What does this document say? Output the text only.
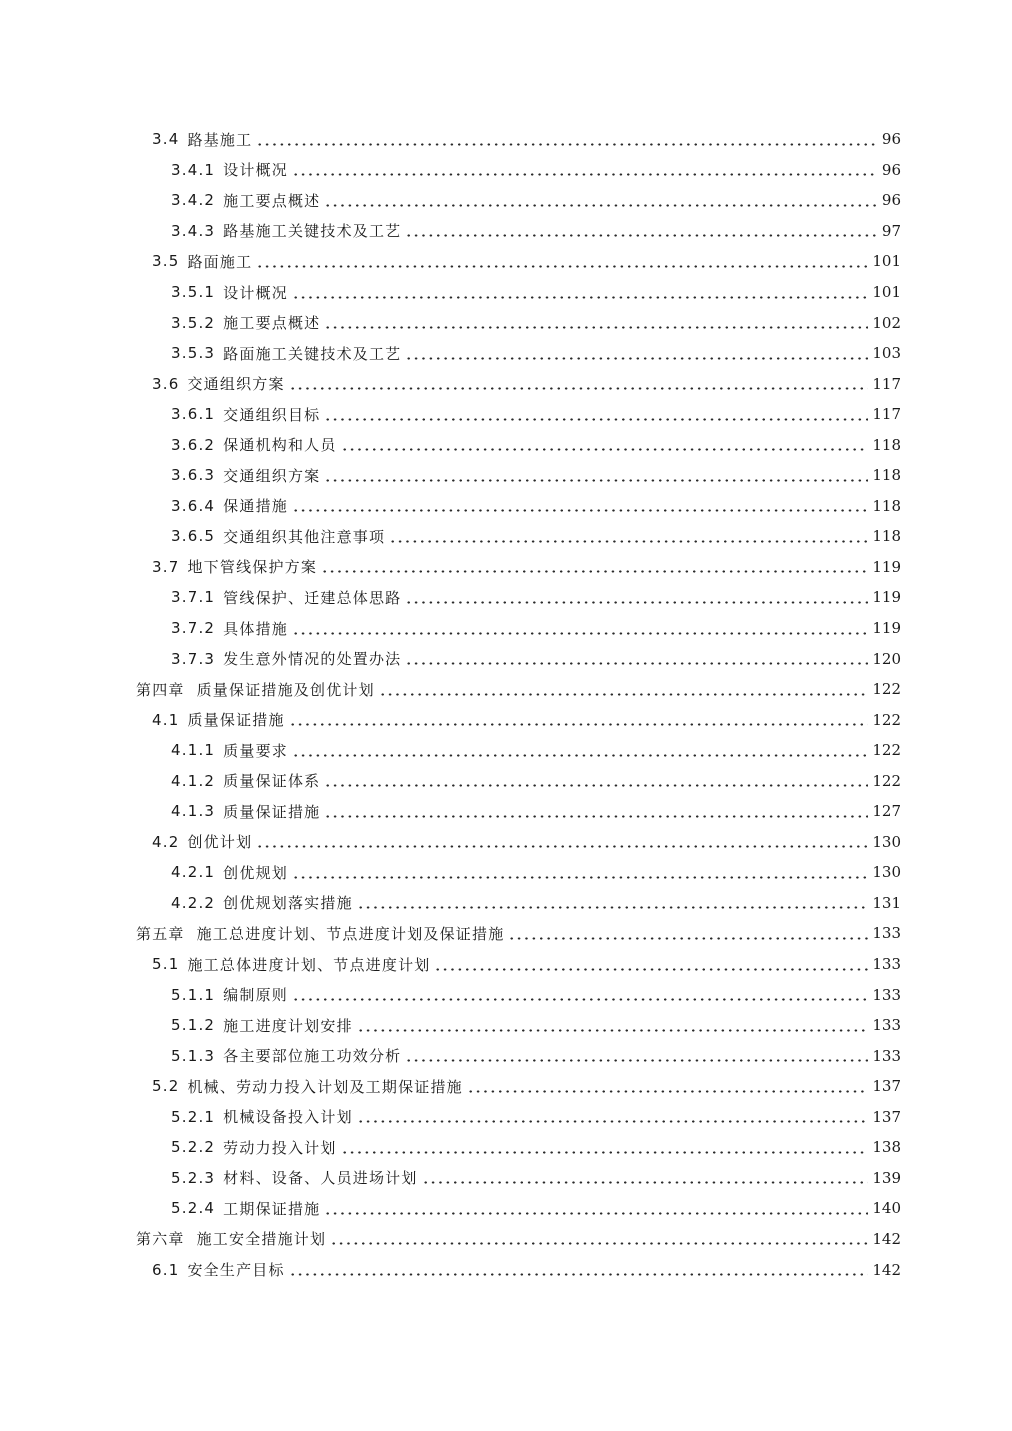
3.4 路基施工	96
3.4.1 设计概况	96
3.4.2 施工要点概述	96
3.4.3 路基施工关键技术及工艺	97
3.5 路面施工	101
3.5.1 设计概况	101
3.5.2 施工要点概述	102
3.5.3 路面施工关键技术及工艺	103
3.6 交通组织方案	117
3.6.1 交通组织目标	117
3.6.2 保通机构和人员	118
3.6.3 交通组织方案	118
3.6.4 保通措施	118
3.6.5 交通组织其他注意事项	118
3.7 地下管线保护方案	119
3.7.1 管线保护、迁建总体思路	119
3.7.2 具体措施	119
3.7.3 发生意外情况的处置办法	120
第四章 质量保证措施及创优计划	122
4.1 质量保证措施	122
4.1.1 质量要求	122
4.1.2 质量保证体系	122
4.1.3 质量保证措施	127
4.2 创优计划	130
4.2.1 创优规划	130
4.2.2 创优规划落实措施	131
第五章 施工总进度计划、节点进度计划及保证措施	133
5.1 施工总体进度计划、节点进度计划	133
5.1.1 编制原则	133
5.1.2 施工进度计划安排	133
5.1.3 各主要部位施工功效分析	133
5.2 机械、劳动力投入计划及工期保证措施	137
5.2.1 机械设备投入计划	137
5.2.2 劳动力投入计划	138
5.2.3 材料、设备、人员进场计划	139
5.2.4 工期保证措施	140
第六章 施工安全措施计划	142
6.1 安全生产目标	142
